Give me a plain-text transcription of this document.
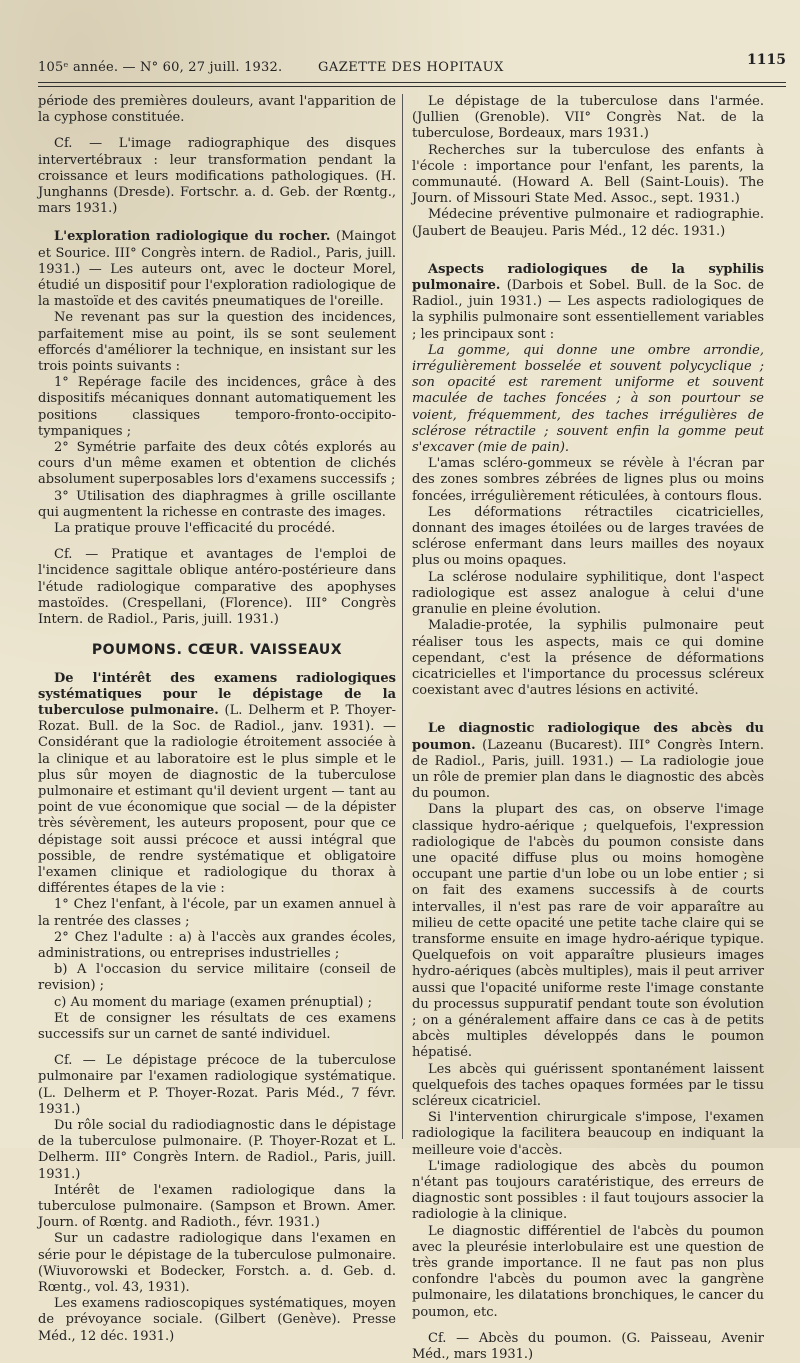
105ᵉ année. — N° 60, 27 juill. 1932.	GAZETTE DES HOPITAUX	1115

période des premières douleurs, avant l'apparition de la cyphose constituée.

Cf. — L'image radiographique des disques intervertébraux : leur transformation pendant la croissance et leurs modifications pathologiques. (H. Junghanns (Dresde). Fortschr. a. d. Geb. der Rœntg., mars 1931.)

L'exploration radiologique du rocher. (Maingot et Sourice. III° Congrès intern. de Radiol., Paris, juill. 1931.) — Les auteurs ont, avec le docteur Morel, étudié un dispositif pour l'exploration radiologique de la mastoïde et des cavités pneumatiques de l'oreille.

Ne revenant pas sur la question des incidences, parfaitement mise au point, ils se sont seulement efforcés d'améliorer la technique, en insistant sur les trois points suivants :

1° Repérage facile des incidences, grâce à des dispositifs mécaniques donnant automatiquement les positions classiques temporo-fronto-occipito-tympaniques ;

2° Symétrie parfaite des deux côtés explorés au cours d'un même examen et obtention de clichés absolument superposables lors d'examens successifs ;

3° Utilisation des diaphragmes à grille oscillante qui augmentent la richesse en contraste des images.

La pratique prouve l'efficacité du procédé.

Cf. — Pratique et avantages de l'emploi de l'incidence sagittale oblique antéro-postérieure dans l'étude radiologique comparative des apophyses mastoïdes. (Crespellani, (Florence). III° Congrès Intern. de Radiol., Paris, juill. 1931.)

POUMONS. CŒUR. VAISSEAUX

De l'intérêt des examens radiologiques systématiques pour le dépistage de la tuberculose pulmonaire. (L. Delherm et P. Thoyer-Rozat. Bull. de la Soc. de Radiol., janv. 1931). — Considérant que la radiologie étroitement associée à la clinique et au laboratoire est le plus simple et le plus sûr moyen de diagnostic de la tuberculose pulmonaire et estimant qu'il devient urgent — tant au point de vue économique que social — de la dépister très sévèrement, les auteurs proposent, pour que ce dépistage soit aussi précoce et aussi intégral que possible, de rendre systématique et obligatoire l'examen clinique et radiologique du thorax à différentes étapes de la vie :

1° Chez l'enfant, à l'école, par un examen annuel à la rentrée des classes ;

2° Chez l'adulte : a) à l'accès aux grandes écoles, administrations, ou entreprises industrielles ;

b) A l'occasion du service militaire (conseil de revision) ;

c) Au moment du mariage (examen prénuptial) ;

Et de consigner les résultats de ces examens successifs sur un carnet de santé individuel.

Cf. — Le dépistage précoce de la tuberculose pulmonaire par l'examen radiologique systématique. (L. Delherm et P. Thoyer-Rozat. Paris Méd., 7 févr. 1931.)

Du rôle social du radiodiagnostic dans le dépistage de la tuberculose pulmonaire. (P. Thoyer-Rozat et L. Delherm. III° Congrès Intern. de Radiol., Paris, juill. 1931.)

Intérêt de l'examen radiologique dans la tuberculose pulmonaire. (Sampson et Brown. Amer. Journ. of Rœntg. and Radioth., févr. 1931.)

Sur un cadastre radiologique dans l'examen en série pour le dépistage de la tuberculose pulmonaire. (Wiuvorowski et Bodecker, Forstch. a. d. Geb. d. Rœntg., vol. 43, 1931).

Les examens radioscopiques systématiques, moyen de prévoyance sociale. (Gilbert (Genève). Presse Méd., 12 déc. 1931.)

Le dépistage de la tuberculose dans l'armée. (Jullien (Grenoble). VII° Congrès Nat. de la tuberculose, Bordeaux, mars 1931.)

Recherches sur la tuberculose des enfants à l'école : importance pour l'enfant, les parents, la communauté. (Howard A. Bell (Saint-Louis). The Journ. of Missouri State Med. Assoc., sept. 1931.)

Médecine préventive pulmonaire et radiographie. (Jaubert de Beaujeu. Paris Méd., 12 déc. 1931.)

Aspects radiologiques de la syphilis pulmonaire. (Darbois et Sobel. Bull. de la Soc. de Radiol., juin 1931.) — Les aspects radiologiques de la syphilis pulmonaire sont essentiellement variables ; les principaux sont :

La gomme, qui donne une ombre arrondie, irrégulièrement bosselée et souvent polycyclique ; son opacité est rarement uniforme et souvent maculée de taches foncées ; à son pourtour se voient, fréquemment, des taches irrégulières de sclérose rétractile ; souvent enfin la gomme peut s'excaver (mie de pain).

L'amas scléro-gommeux se révèle à l'écran par des zones sombres zébrées de lignes plus ou moins foncées, irrégulièrement réticulées, à contours flous.

Les déformations rétractiles cicatricielles, donnant des images étoilées ou de larges travées de sclérose enfermant dans leurs mailles des noyaux plus ou moins opaques.

La sclérose nodulaire syphilitique, dont l'aspect radiologique est assez analogue à celui d'une granulie en pleine évolution.

Maladie-protée, la syphilis pulmonaire peut réaliser tous les aspects, mais ce qui domine cependant, c'est la présence de déformations cicatricielles et l'importance du processus scléreux coexistant avec d'autres lésions en activité.

Le diagnostic radiologique des abcès du poumon. (Lazeanu (Bucarest). III° Congrès Intern. de Radiol., Paris, juill. 1931.) — La radiologie joue un rôle de premier plan dans le diagnostic des abcès du poumon.

Dans la plupart des cas, on observe l'image classique hydro-aérique ; quelquefois, l'expression radiologique de l'abcès du poumon consiste dans une opacité diffuse plus ou moins homogène occupant une partie d'un lobe ou un lobe entier ; si on fait des examens successifs à de courts intervalles, il n'est pas rare de voir apparaître au milieu de cette opacité une petite tache claire qui se transforme ensuite en image hydro-aérique typique. Quelquefois on voit apparaître plusieurs images hydro-aériques (abcès multiples), mais il peut arriver aussi que l'opacité uniforme reste l'image constante du processus suppuratif pendant toute son évolution ; on a généralement affaire dans ce cas à de petits abcès multiples développés dans le poumon hépatisé.

Les abcès qui guérissent spontanément laissent quelquefois des taches opaques formées par le tissu scléreux cicatriciel.

Si l'intervention chirurgicale s'impose, l'examen radiologique la facilitera beaucoup en indiquant la meilleure voie d'accès.

L'image radiologique des abcès du poumon n'étant pas toujours caratéristique, des erreurs de diagnostic sont possibles : il faut toujours associer la radiologie à la clinique.

Le diagnostic différentiel de l'abcès du poumon avec la pleurésie interlobulaire est une question de très grande importance. Il ne faut pas non plus confondre l'abcès du poumon avec la gangrène pulmonaire, les dilatations bronchiques, le cancer du poumon, etc.

Cf. — Abcès du poumon. (G. Paisseau, Avenir Méd., mars 1931.)
